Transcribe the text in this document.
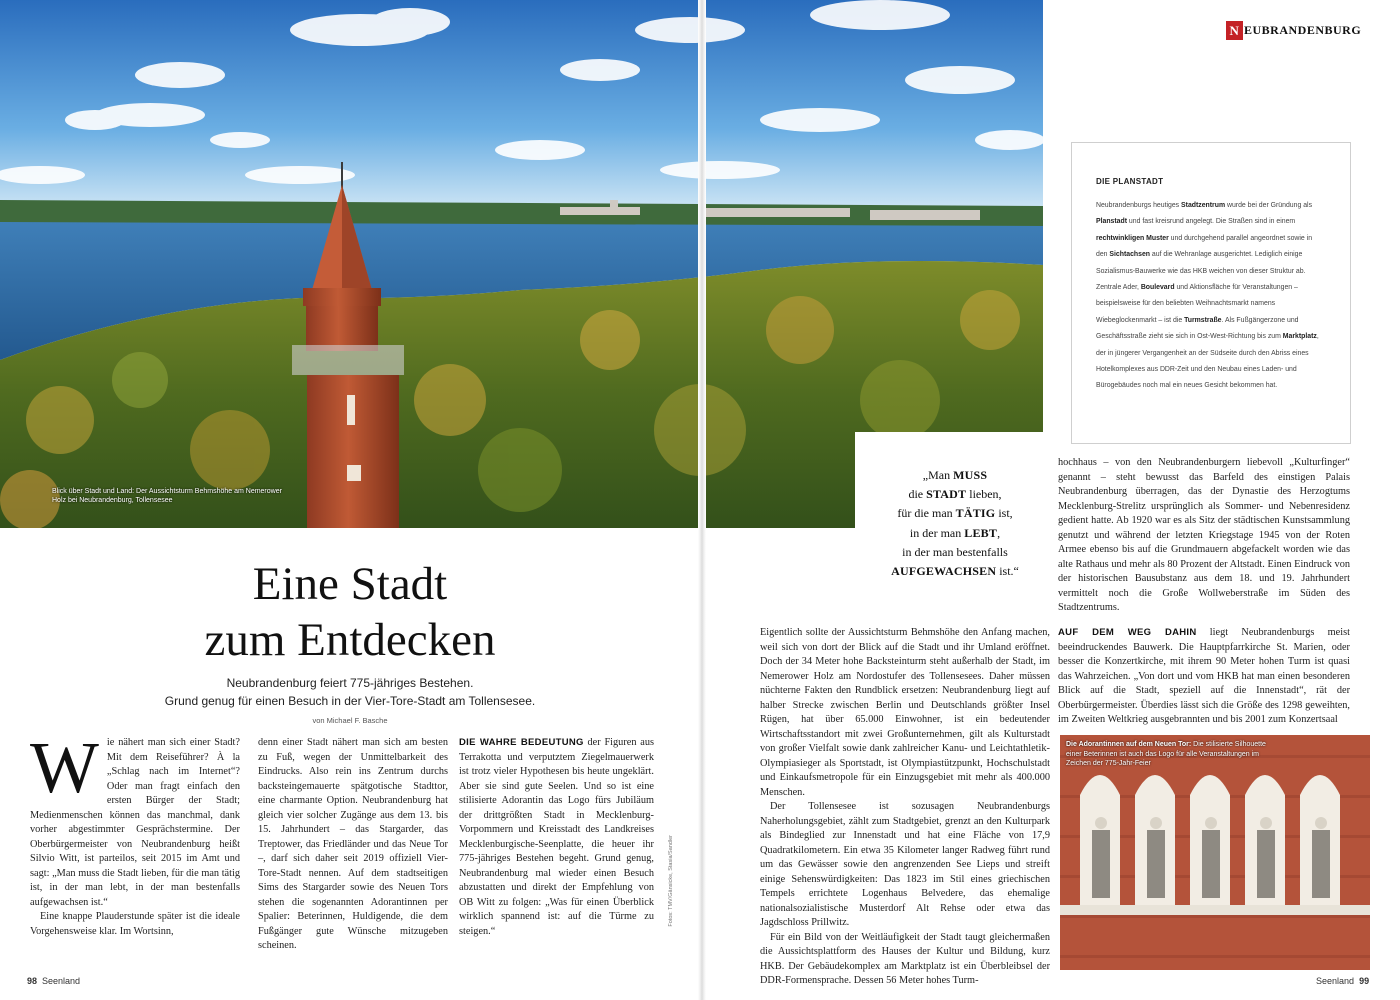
Blick über Stadt und Land: Der Aussichtsturm Behmshöhe am Nemerower Holz bei Neubrandenburg, Tollensesee
N EUBRANDENBURG
DIE PLANSTADT
Neubrandenburgs heutiges Stadtzentrum wurde bei der Gründung als Planstadt und fast kreisrund angelegt. Die Straßen sind in einem rechtwinkligen Muster und durchgehend parallel angeordnet sowie in den Sichtachsen auf die Wehranlage ausgerichtet. Lediglich einige Sozialismus-Bauwerke wie das HKB weichen von dieser Struktur ab. Zentrale Ader, Boulevard und Aktionsfläche für Veranstaltungen – beispielsweise für den beliebten Weihnachtsmarkt namens Wiebeglockenmarkt – ist die Turmstraße. Als Fußgängerzone und Geschäftsstraße zieht sie sich in Ost-West-Richtung bis zum Marktplatz, der in jüngerer Vergangenheit an der Südseite durch den Abriss eines Hotelkomplexes aus DDR-Zeit und den Neubau eines Laden- und Bürogebäudes noch mal ein neues Gesicht bekommen hat.
„Man MUSS
die STADT lieben,
für die man TÄTIG ist,
in der man LEBT,
in der man bestenfalls
AUFGEWACHSEN ist.“
Eine Stadt
zum Entdecken
Neubrandenburg feiert 775-jähriges Bestehen.
Grund genug für einen Besuch in der Vier-Tore-Stadt am Tollensesee.
von Michael F. Basche

Wie nähert man sich einer Stadt? Mit dem Reiseführer? À la „Schlag nach im Internet“? Oder man fragt einfach den ersten Bürger der Stadt; Medienmenschen können das manchmal, dank vorher abgestimmter Gesprächstermine. Der Oberbürgermeister von Neubrandenburg heißt Silvio Witt, ist parteilos, seit 2015 im Amt und sagt: „Man muss die Stadt lieben, für die man tätig ist, in der man lebt, in der man bestenfalls aufgewachsen ist.“

Eine knappe Plauderstunde später ist die ideale Vorgehensweise klar. Im Wortsinn,

denn einer Stadt nähert man sich am besten zu Fuß, wegen der Unmittelbarkeit des Eindrucks. Also rein ins Zentrum durchs backsteingemauerte spätgotische Stadttor, eine charmante Option. Neubrandenburg hat gleich vier solcher Zugänge aus dem 13. bis 15. Jahrhundert – das Stargarder, das Treptower, das Friedländer und das Neue Tor –, darf sich daher seit 2019 offiziell Vier-Tore-Stadt nennen. Auf dem stadtseitigen Sims des Stargarder sowie des Neuen Tors stehen die sogenannten Adorantinnen per Spalier: Beterinnen, Huldigende, die dem Fußgänger gute Wünsche mitzugeben scheinen.

DIE WAHRE BEDEUTUNG der Figuren aus Terrakotta und verputztem Ziegelmauerwerk ist trotz vieler Hypothesen bis heute ungeklärt. Aber sie sind gute Seelen. Und so ist eine stilisierte Adorantin das Logo fürs Jubiläum der drittgrößten Stadt in Mecklenburg-Vorpommern und Kreisstadt des Landkreises Mecklenburgische-Seenplatte, die heuer ihr 775-jähriges Bestehen begeht. Grund genug, Neubrandenburg mal wieder einen Besuch abzustatten und direkt der Empfehlung von OB Witt zu folgen: „Was für einen Überblick wirklich spannend ist: auf die Türme zu steigen.“

Fotos: TMV/Gänsicke, Stasia/Sandler

Eigentlich sollte der Aussichtsturm Behmshöhe den Anfang machen, weil sich von dort der Blick auf die Stadt und ihr Umland eröffnet. Doch der 34 Meter hohe Backsteinturm steht außerhalb der Stadt, im Nemerower Holz am Nordostufer des Tollensesees. Daher müssen nüchterne Fakten den Rundblick ersetzen: Neubrandenburg liegt auf halber Strecke zwischen Berlin und Deutschlands größter Insel Rügen, hat über 65.000 Einwohner, ist ein bedeutender Wirtschaftsstandort mit zwei Großunternehmen, gilt als Kulturstadt von großer Vielfalt sowie dank zahlreicher Kanu- und Leichtathletik-Olympiasieger als Sportstadt, ist Olympiastützpunkt, Hochschulstadt und Einkaufsmetropole für ein Einzugsgebiet mit mehr als 400.000 Menschen.

Der Tollensesee ist sozusagen Neubrandenburgs Naherholungsgebiet, zählt zum Stadtgebiet, grenzt an den Kulturpark als Bindeglied zur Innenstadt und hat eine Fläche von 17,9 Quadratkilometern. Ein etwa 35 Kilometer langer Radweg führt rund um das Gewässer sowie den angrenzenden See Lieps und streift einige Sehenswürdigkeiten: Das 1823 im Stil eines griechischen Tempels errichtete Logenhaus Belvedere, das ehemalige nationalsozialistische Musterdorf Alt Rehse oder etwa das Jagdschloss Prillwitz.

Für ein Bild von der Weitläufigkeit der Stadt taugt gleichermaßen die Aussichtsplattform des Hauses der Kultur und Bildung, kurz HKB. Der Gebäudekomplex am Marktplatz ist ein Überbleibsel der DDR-Formensprache. Dessen 56 Meter hohes Turm-

hochhaus – von den Neubrandenburgern liebevoll „Kulturfinger“ genannt – steht bewusst das Barfeld des einstigen Palais Neubrandenburg überragen, das der Dynastie des Herzogtums Mecklenburg-Strelitz ursprünglich als Sommer- und Nebenresidenz gedient hatte. Ab 1920 war es als Sitz der städtischen Kunstsammlung genutzt und während der letzten Kriegstage 1945 von der Roten Armee ebenso bis auf die Grundmauern abgefackelt worden wie das alte Rathaus und mehr als 80 Prozent der Altstadt. Einen Eindruck von der historischen Bausubstanz aus dem 18. und 19. Jahrhundert vermittelt noch die Große Wollweberstraße im Süden des Stadtzentrums.

AUF DEM WEG DAHIN liegt Neubrandenburgs meist beeindruckendes Bauwerk. Die Hauptpfarrkirche St. Marien, oder besser die Konzertkirche, mit ihrem 90 Meter hohen Turm ist quasi das Wahrzeichen. „Von dort und vom HKB hat man einen besonderen Blick auf die Stadt, speziell auf die Innenstadt“, rät der Oberbürgermeister. Überdies lässt sich die Größe des 1298 geweihten, im Zweiten Weltkrieg ausgebrannten und bis 2001 zum Konzertsaal

Die Adorantinnen auf dem Neuen Tor: Die stilisierte Silhouette einer Beterinnen ist auch das Logo für alle Veranstaltungen im Zeichen der 775-Jahr-Feier
98 Seenland	Seenland 99
